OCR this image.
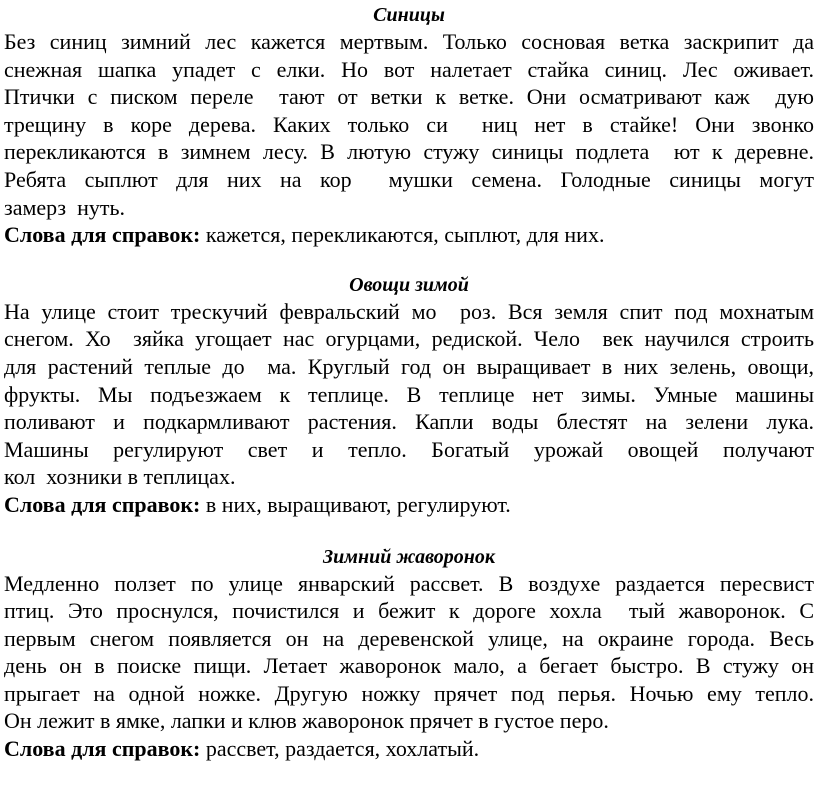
Синицы

Без синиц зимний лес кажется мертвым. Только сосновая ветка заскрипит да

снежная шапка упадет с елки. Но вот налетает стайка синиц. Лес оживает.

Птички с писком переле  тают от ветки к ветке. Они осматривают каж  дую

трещину в коре дерева. Каких только си  ниц нет в стайке! Они звонко

перекликаются в зимнем лесу. В лютую стужу синицы подлета  ют к деревне.

Ребята сыплют для них на кор  мушки семена. Голодные синицы могут

замерз  нуть.

Слова для справок: кажется, перекликаются, сыплют, для них.

Овощи зимой

На улице стоит трескучий февральский мо  роз. Вся земля спит под мохнатым

снегом. Хо  зяйка угощает нас огурцами, редиской. Чело  век научился строить

для растений теплые до  ма. Круглый год он выращивает в них зелень, овощи,

фрукты. Мы подъезжаем к теплице. В теплице нет зимы. Умные машины

поливают и подкармливают растения. Капли воды блестят на зелени лука.

Машины регулируют свет и тепло. Богатый урожай овощей получают

кол  хозники в теплицах.

Слова для справок: в них, выращивают, регулируют.

Зимний жаворонок

Медленно ползет по улице январский рассвет. В воздухе раздается пересвист

птиц. Это проснулся, почистился и бежит к дороге хохла  тый жаворонок. С

первым снегом появляется он на деревенской улице, на окраине города. Весь

день он в поиске пищи. Летает жаворонок мало, а бегает быстро. В стужу он

прыгает на одной ножке. Другую ножку прячет под перья. Ночью ему тепло.

Он лежит в ямке, лапки и клюв жаворонок прячет в густое перо.

Слова для справок: рассвет, раздается, хохлатый.
